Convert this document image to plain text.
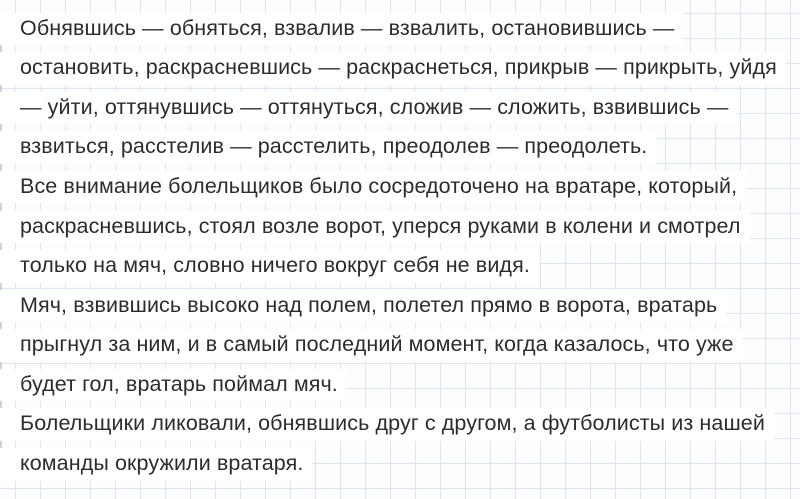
Обнявшись — обняться, взвалив — взвалить, остановившись —
остановить, раскрасневшись — раскраснеться, прикрыв — прикрыть, уйдя
— уйти, оттянувшись — оттянуться, сложив — сложить, взвившись —
взвиться, расстелив — расстелить, преодолев — преодолеть.
Все внимание болельщиков было сосредоточено на вратаре, который,
раскрасневшись, стоял возле ворот, уперся руками в колени и смотрел
только на мяч, словно ничего вокруг себя не видя.
Мяч, взвившись высоко над полем, полетел прямо в ворота, вратарь
прыгнул за ним, и в самый последний момент, когда казалось, что уже
будет гол, вратарь поймал мяч.
Болельщики ликовали, обнявшись друг с другом, а футболисты из нашей
команды окружили вратаря.
